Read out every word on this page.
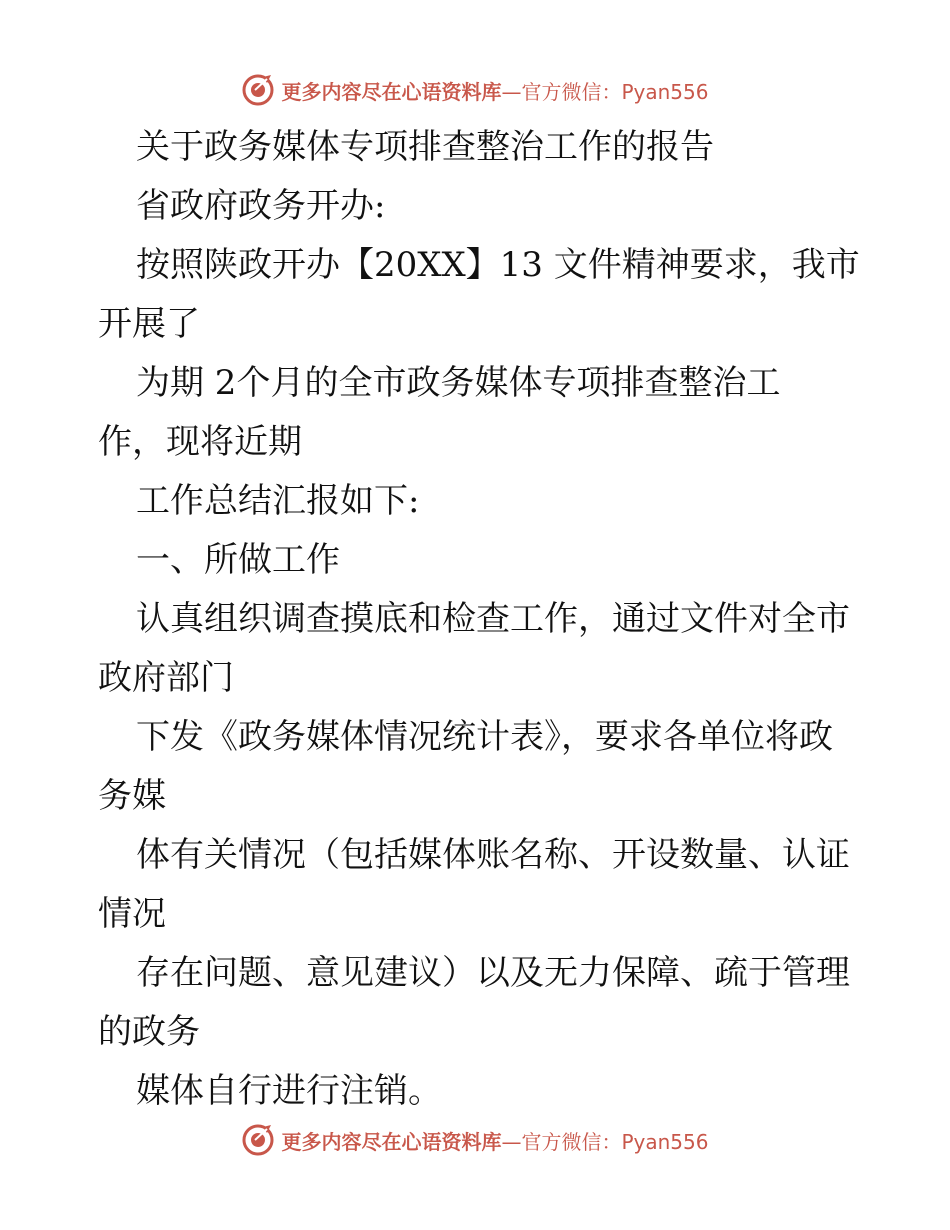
更多内容尽在心语资料库—官方微信：Pyan556
关于政务媒体专项排查整治工作的报告
省政府政务开办:
按照陕政开办【20XX】13 文件精神要求，我市
开展了
为期 2个月的全市政务媒体专项排查整治工
作，现将近期
工作总结汇报如下:
一、所做工作
认真组织调查摸底和检查工作，通过文件对全市
政府部门
下发《政务媒体情况统计表》，要求各单位将政
务媒
体有关情况（包括媒体账名称、开设数量、认证
情况
存在问题、意见建议）以及无力保障、疏于管理
的政务
媒体自行进行注销。
更多内容尽在心语资料库—官方微信：Pyan556
